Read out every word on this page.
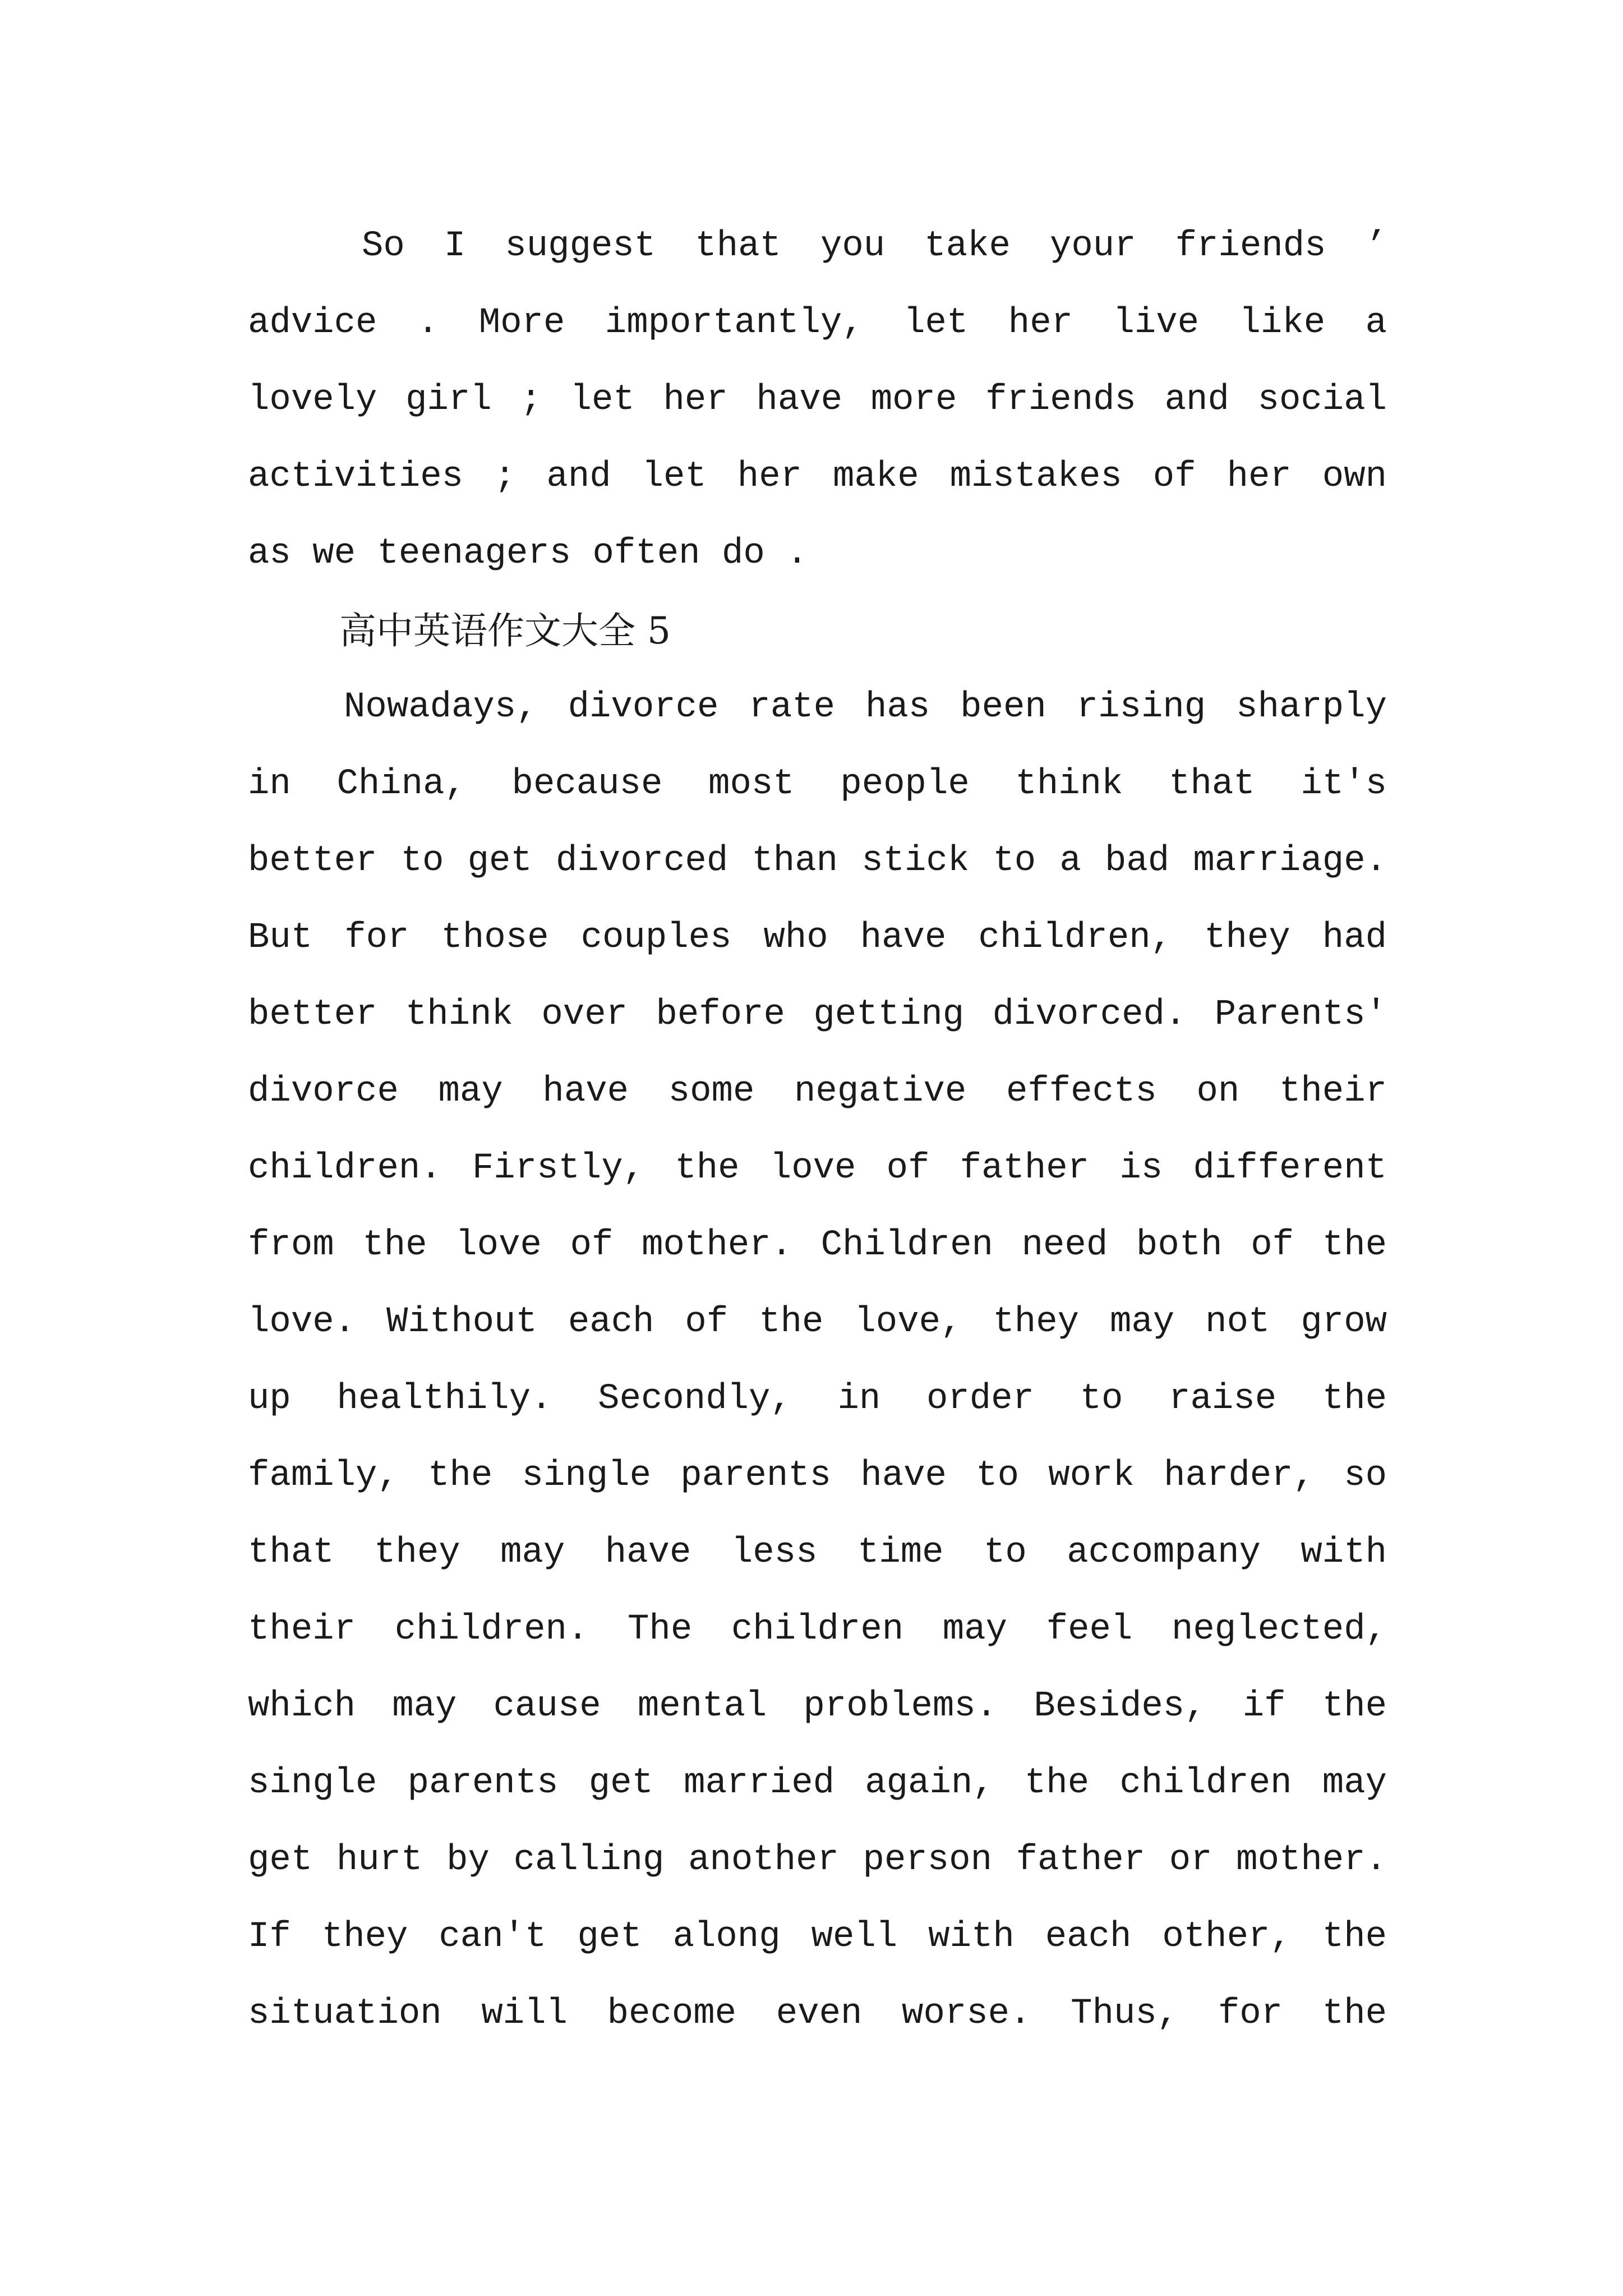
So I suggest that you take your friends ’
advice . More importantly, let her live like a
lovely girl ; let her have more friends and social
activities ; and let her make mistakes of her own
as we teenagers often do .
高中英语作文大全 5
Nowadays, divorce rate has been rising sharply
in China, because most people think that it's
better to get divorced than stick to a bad marriage.
But for those couples who have children, they had
better think over before getting divorced. Parents'
divorce may have some negative effects on their
children. Firstly, the love of father is different
from the love of mother. Children need both of the
love. Without each of the love, they may not grow
up healthily. Secondly, in order to raise the
family, the single parents have to work harder, so
that they may have less time to accompany with
their children. The children may feel neglected,
which may cause mental problems. Besides, if the
single parents get married again, the children may
get hurt by calling another person father or mother.
If they can't get along well with each other, the
situation will become even worse. Thus, for the
